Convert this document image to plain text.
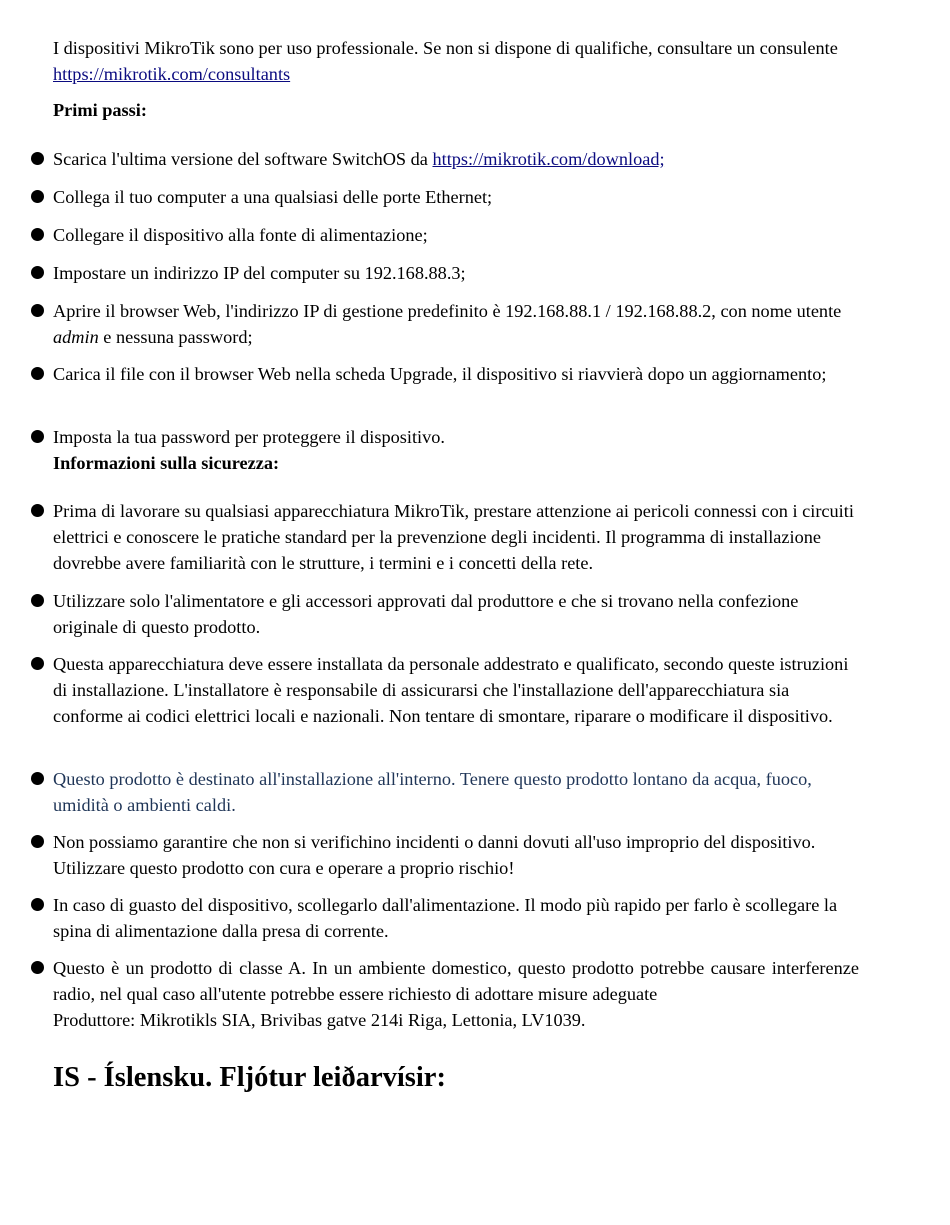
I dispositivi MikroTik sono per uso professionale. Se non si dispone di qualifiche, consultare un consulente https://mikrotik.com/consultants
Primi passi:
Scarica l'ultima versione del software SwitchOS da https://mikrotik.com/download;
Collega il tuo computer a una qualsiasi delle porte Ethernet;
Collegare il dispositivo alla fonte di alimentazione;
Impostare un indirizzo IP del computer su 192.168.88.3;
Aprire il browser Web, l'indirizzo IP di gestione predefinito è 192.168.88.1 / 192.168.88.2, con nome utente admin e nessuna password;
Carica il file con il browser Web nella scheda Upgrade, il dispositivo si riavvierà dopo un aggiornamento;
Imposta la tua password per proteggere il dispositivo.
Informazioni sulla sicurezza:
Prima di lavorare su qualsiasi apparecchiatura MikroTik, prestare attenzione ai pericoli connessi con i circuiti elettrici e conoscere le pratiche standard per la prevenzione degli incidenti. Il programma di installazione dovrebbe avere familiarità con le strutture, i termini e i concetti della rete.
Utilizzare solo l'alimentatore e gli accessori approvati dal produttore e che si trovano nella confezione originale di questo prodotto.
Questa apparecchiatura deve essere installata da personale addestrato e qualificato, secondo queste istruzioni di installazione. L'installatore è responsabile di assicurarsi che l'installazione dell'apparecchiatura sia conforme ai codici elettrici locali e nazionali. Non tentare di smontare, riparare o modificare il dispositivo.
Questo prodotto è destinato all'installazione all'interno. Tenere questo prodotto lontano da acqua, fuoco, umidità o ambienti caldi.
Non possiamo garantire che non si verifichino incidenti o danni dovuti all'uso improprio del dispositivo. Utilizzare questo prodotto con cura e operare a proprio rischio!
In caso di guasto del dispositivo, scollegarlo dall'alimentazione. Il modo più rapido per farlo è scollegare la spina di alimentazione dalla presa di corrente.
Questo è un prodotto di classe A. In un ambiente domestico, questo prodotto potrebbe causare interferenze radio, nel qual caso all'utente potrebbe essere richiesto di adottare misure adeguate
Produttore: Mikrotikls SIA, Brivibas gatve 214i Riga, Lettonia, LV1039.
IS - Íslensku. Fljótur leiðarvísir:
